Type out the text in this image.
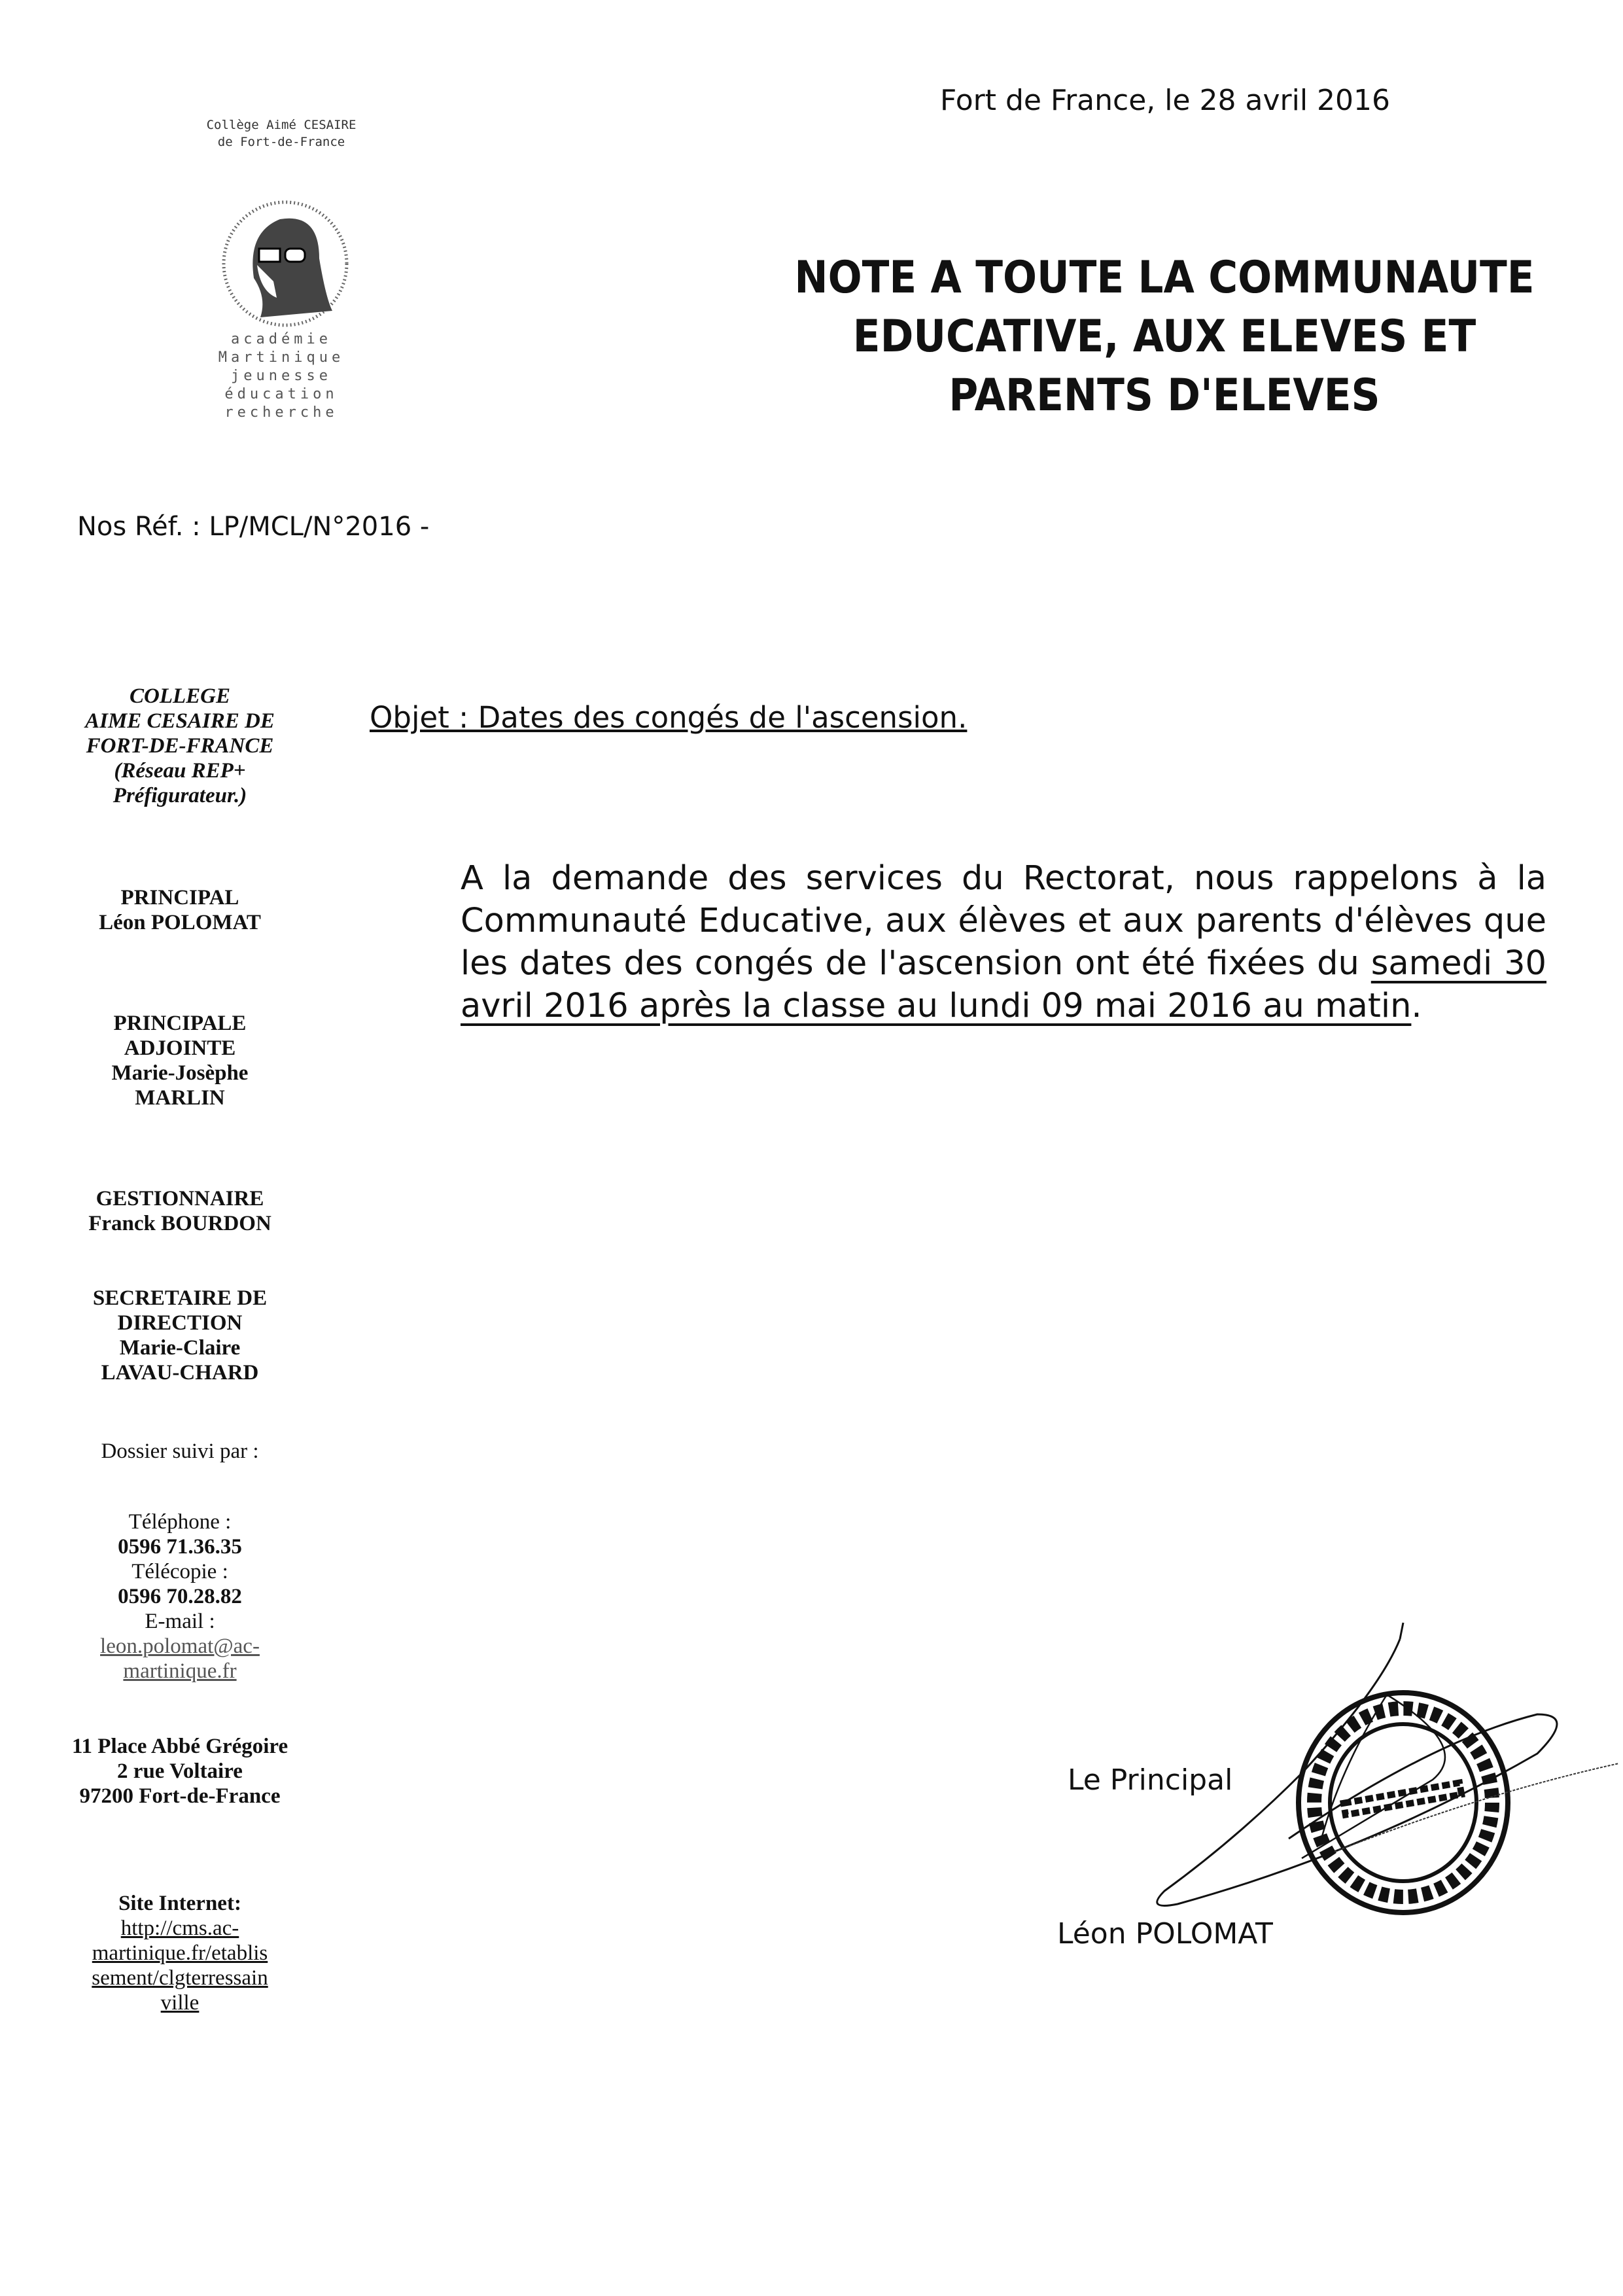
Fort de France, le 28 avril 2016
Collège Aimé CESAIRE
de Fort-de-France
académie
Martinique
jeunesse
éducation
recherche
NOTE A TOUTE LA COMMUNAUTE
EDUCATIVE, AUX ELEVES ET
PARENTS D'ELEVES
Nos Réf. : LP/MCL/N°2016 -
COLLEGE
AIME CESAIRE DE
FORT-DE-FRANCE
(Réseau REP+
Préfigurateur.)
PRINCIPAL
Léon POLOMAT
PRINCIPALE
ADJOINTE
Marie-Josèphe
MARLIN
GESTIONNAIRE
Franck BOURDON
SECRETAIRE DE
DIRECTION
Marie-Claire
LAVAU-CHARD
Dossier suivi par :
Téléphone :
0596 71.36.35
Télécopie :
0596 70.28.82
E-mail :
leon.polomat@ac-
martinique.fr
11 Place Abbé Grégoire
2 rue Voltaire
97200 Fort-de-France
Site Internet:
http://cms.ac-
martinique.fr/etablis
sement/clgterressain
ville
Objet : Dates des congés de l'ascension.
A la demande des services du Rectorat, nous rappelons à la Communauté Educative, aux élèves et aux parents d'élèves que les dates des congés de l'ascension ont été fixées du samedi 30 avril 2016 après la classe au lundi 09 mai 2016 au matin.
Le Principal
Léon POLOMAT
